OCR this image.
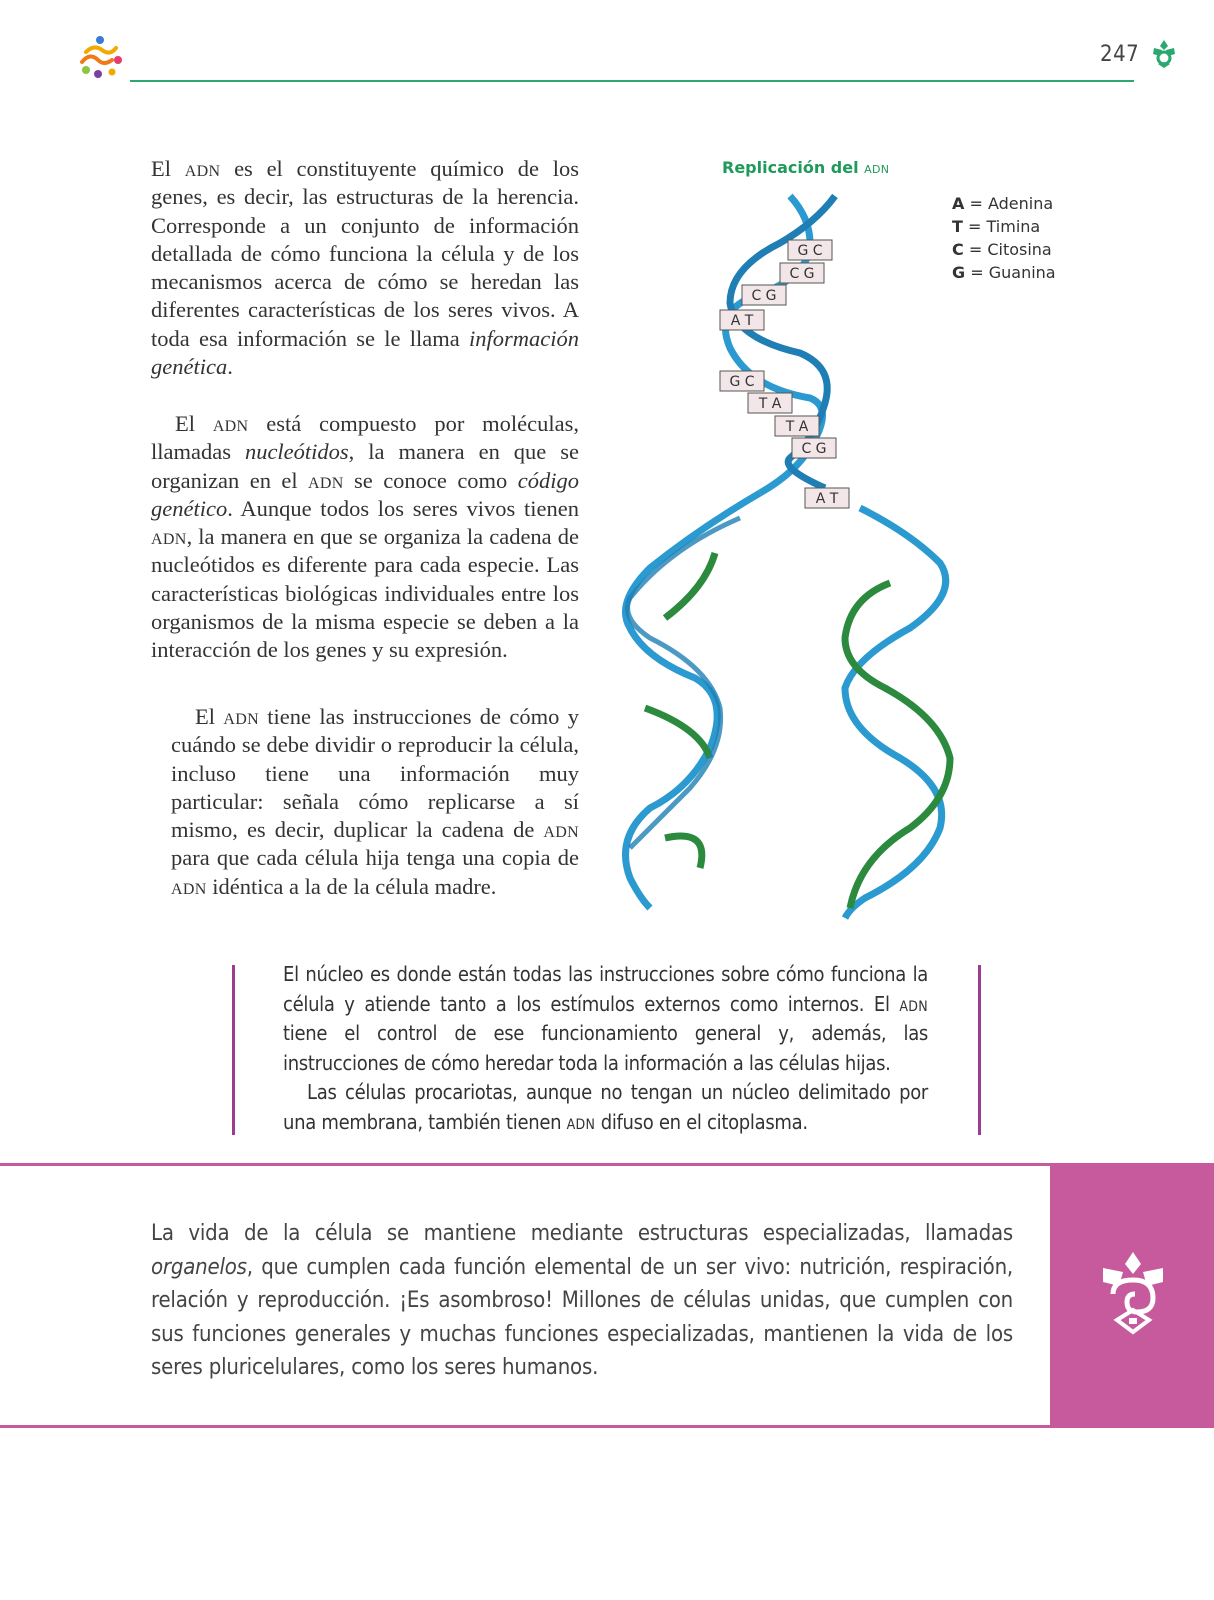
247
El adn es el constituyente químico de los genes, es decir, las estructuras de la herencia. Corresponde a un conjunto de información detallada de cómo funciona la célula y de los mecanismos acerca de cómo se heredan las diferentes características de los seres vivos. A toda esa información se le llama información genética.
El adn está compuesto por moléculas, llamadas nucleótidos, la manera en que se organizan en el adn se conoce como código genético. Aunque todos los seres vivos tienen adn, la manera en que se organiza la cadena de nucleótidos es diferente para cada especie. Las características biológicas individuales entre los organismos de la misma especie se deben a la interacción de los genes y su expresión.
El adn tiene las instrucciones de cómo y cuándo se debe dividir o reproducir la célula, incluso tiene una información muy particular: señala cómo replicarse a sí mismo, es decir, duplicar la cadena de adn para que cada célula hija tenga una copia de adn idéntica a la de la célula madre.
Replicación del adn
A = Adenina
T = Timina
C = Citosina
G = Guanina
G C
C G
C G
A T
G C
T A
T A
C G
A T

El núcleo es donde están todas las instrucciones sobre cómo funciona la célula y atiende tanto a los estímulos externos como internos. El adn tiene el control de ese funcionamiento general y, además, las instrucciones de cómo heredar toda la información a las células hijas.

Las células procariotas, aunque no tengan un núcleo delimitado por una membrana, también tienen adn difuso en el citoplasma.

La vida de la célula se mantiene mediante estructuras especializadas, llamadas organelos, que cumplen cada función elemental de un ser vivo: nutrición, respiración, relación y reproducción. ¡Es asombroso! Millones de células unidas, que cumplen con sus funciones generales y muchas funciones especializadas, mantienen la vida de los seres pluricelulares, como los seres humanos.
